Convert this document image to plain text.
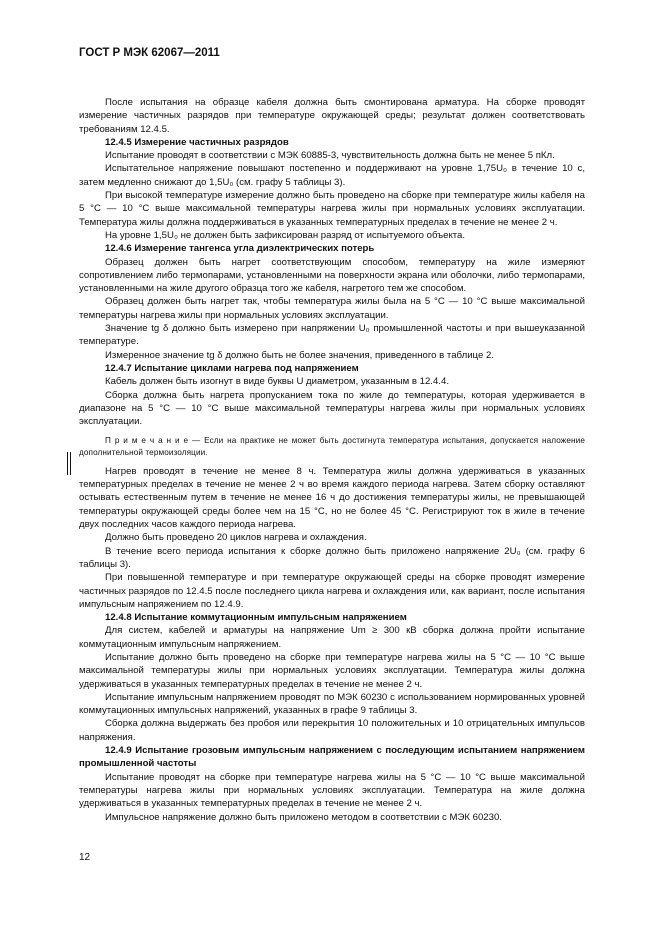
ГОСТ Р МЭК 62067—2011

После испытания на образце кабеля должна быть смонтирована арматура. На сборке проводят измерение частичных разрядов при температуре окружающей среды; результат должен соответствовать требованиям 12.4.5.

12.4.5 Измерение частичных разрядов

Испытание проводят в соответствии с МЭК 60885-3, чувствительность должна быть не менее 5 пКл.

Испытательное напряжение повышают постепенно и поддерживают на уровне 1,75U₀ в течение 10 с, затем медленно снижают до 1,5U₀ (см. графу 5 таблицы 3).

При высокой температуре измерение должно быть проведено на сборке при температуре жилы кабеля на 5 °С — 10 °С выше максимальной температуры нагрева жилы при нормальных условиях эксплуатации. Температура жилы должна поддерживаться в указанных температурных пределах в течение не менее 2 ч.

На уровне 1,5U₀ не должен быть зафиксирован разряд от испытуемого объекта.

12.4.6 Измерение тангенса угла диэлектрических потерь

Образец должен быть нагрет соответствующим способом, температуру на жиле измеряют сопротивлением либо термопарами, установленными на поверхности экрана или оболочки, либо термопарами, установленными на жиле другого образца того же кабеля, нагретого тем же способом.

Образец должен быть нагрет так, чтобы температура жилы была на 5 °С — 10 °С выше максимальной температуры нагрева жилы при нормальных условиях эксплуатации.

Значение tg δ должно быть измерено при напряжении U₀ промышленной частоты и при вышеуказанной температуре.

Измеренное значение tg δ должно быть не более значения, приведенного в таблице 2.

12.4.7 Испытание циклами нагрева под напряжением

Кабель должен быть изогнут в виде буквы U диаметром, указанным в 12.4.4.

Сборка должна быть нагрета пропусканием тока по жиле до температуры, которая удерживается в диапазоне на 5 °С — 10 °С выше максимальной температуры нагрева жилы при нормальных условиях эксплуатации.

П р и м е ч а н и е — Если на практике не может быть достигнута температура испытания, допускается наложение дополнительной термоизоляции.

Нагрев проводят в течение не менее 8 ч. Температура жилы должна удерживаться в указанных температурных пределах в течение не менее 2 ч во время каждого периода нагрева. Затем сборку оставляют остывать естественным путем в течение не менее 16 ч до достижения температуры жилы, не превышающей температуры окружающей среды более чем на 15 °С, но не более 45 °С. Регистрируют ток в жиле в течение двух последних часов каждого периода нагрева.

Должно быть проведено 20 циклов нагрева и охлаждения.

В течение всего периода испытания к сборке должно быть приложено напряжение 2U₀ (см. графу 6 таблицы 3).

При повышенной температуре и при температуре окружающей среды на сборке проводят измерение частичных разрядов по 12.4.5 после последнего цикла нагрева и охлаждения или, как вариант, после испытания импульсным напряжением по 12.4.9.

12.4.8 Испытание коммутационным импульсным напряжением

Для систем, кабелей и арматуры на напряжение Um ≥ 300 кВ сборка должна пройти испытание коммутационным импульсным напряжением.

Испытание должно быть проведено на сборке при температуре нагрева жилы на 5 °С — 10 °С выше максимальной температуры жилы при нормальных условиях эксплуатации. Температура жилы должна удерживаться в указанных температурных пределах в течение не менее 2 ч.

Испытание импульсным напряжением проводят по МЭК 60230 с использованием нормированных уровней коммутационных импульсных напряжений, указанных в графе 9 таблицы 3.

Сборка должна выдержать без пробоя или перекрытия 10 положительных и 10 отрицательных импульсов напряжения.

12.4.9 Испытание грозовым импульсным напряжением с последующим испытанием напряжением промышленной частоты

Испытание проводят на сборке при температуре нагрева жилы на 5 °С — 10 °С выше максимальной температуры нагрева жилы при нормальных условиях эксплуатации. Температура на жиле должна удерживаться в указанных температурных пределах в течение не менее 2 ч.

Импульсное напряжение должно быть приложено методом в соответствии с МЭК 60230.

12
